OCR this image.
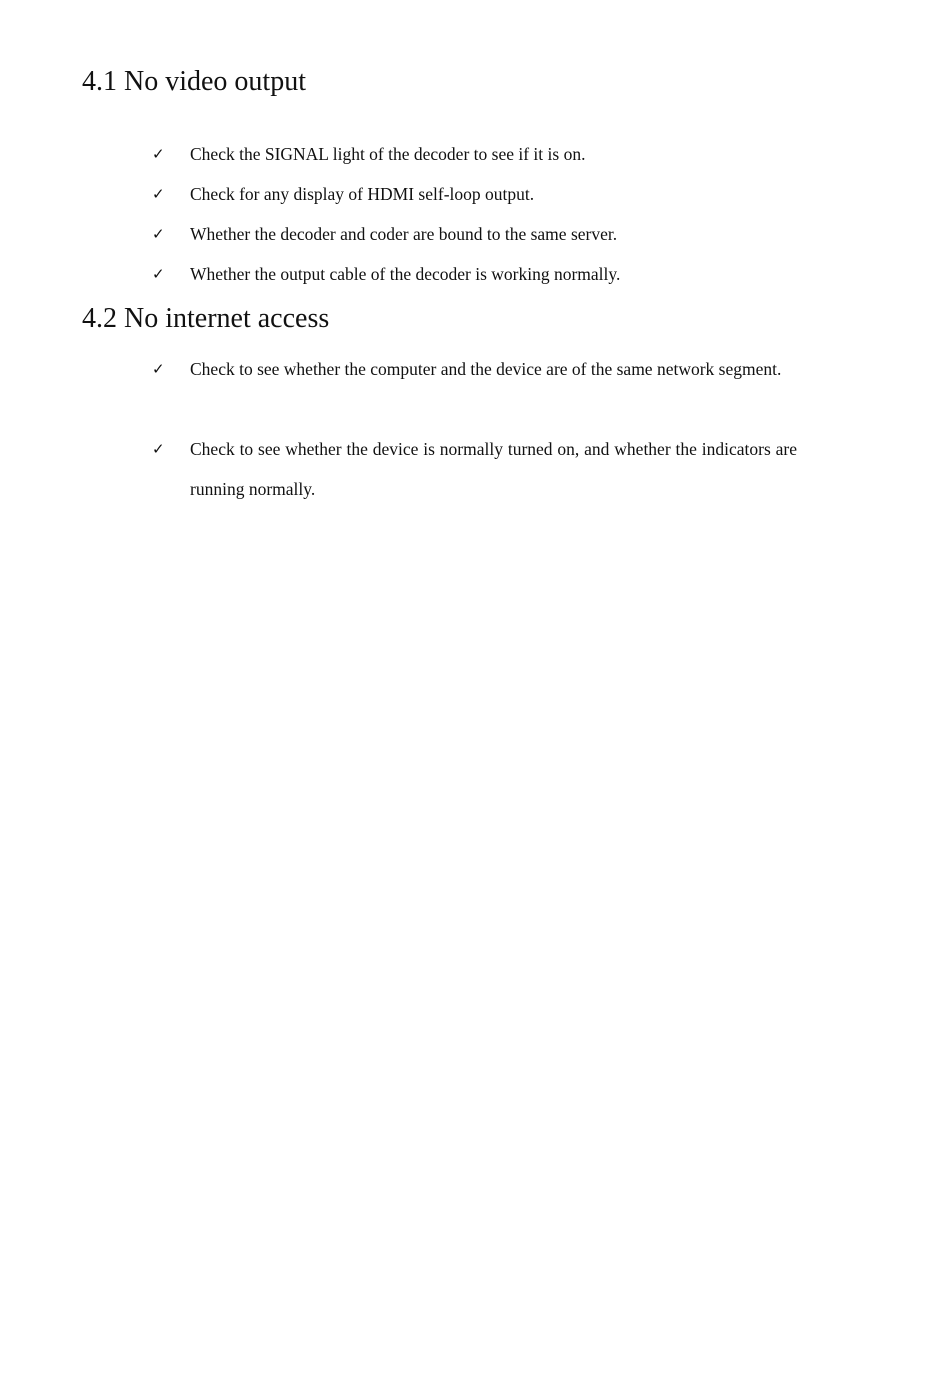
4.1 No video output
✓ Check the SIGNAL light of the decoder to see if it is on.
✓ Check for any display of HDMI self-loop output.
✓ Whether the decoder and coder are bound to the same server.
✓ Whether the output cable of the decoder is working normally.
4.2 No internet access
✓ Check to see whether the computer and the device are of the same network segment.
✓ Check to see whether the device is normally turned on, and whether the indicators are running normally.
